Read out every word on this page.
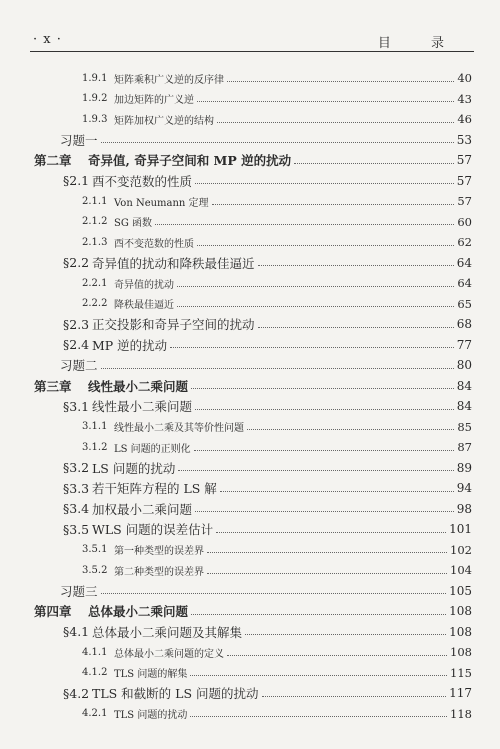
· x ·	目 录
1.9.1 矩阵乘积广义逆的反序律	40
1.9.2 加边矩阵的广义逆	43
1.9.3 矩阵加权广义逆的结构	46
习题一	53
第二章	奇异值, 奇异子空间和 MP 逆的扰动	57
§2.1 酉不变范数的性质	57
2.1.1 Von Neumann 定理	57
2.1.2 SG 函数	60
2.1.3 酉不变范数的性质	62
§2.2 奇异值的扰动和降秩最佳逼近	64
2.2.1 奇异值的扰动	64
2.2.2 降秩最佳逼近	65
§2.3 正交投影和奇异子空间的扰动	68
§2.4 MP 逆的扰动	77
习题二	80
第三章	线性最小二乘问题	84
§3.1 线性最小二乘问题	84
3.1.1 线性最小二乘及其等价性问题	85
3.1.2 LS 问题的正则化	87
§3.2 LS 问题的扰动	89
§3.3 若干矩阵方程的 LS 解	94
§3.4 加权最小二乘问题	98
§3.5 WLS 问题的误差估计	101
3.5.1 第一种类型的误差界	102
3.5.2 第二种类型的误差界	104
习题三	105
第四章	总体最小二乘问题	108
§4.1 总体最小二乘问题及其解集	108
4.1.1 总体最小二乘问题的定义	108
4.1.2 TLS 问题的解集	115
§4.2 TLS 和截断的 LS 问题的扰动	117
4.2.1 TLS 问题的扰动	118
